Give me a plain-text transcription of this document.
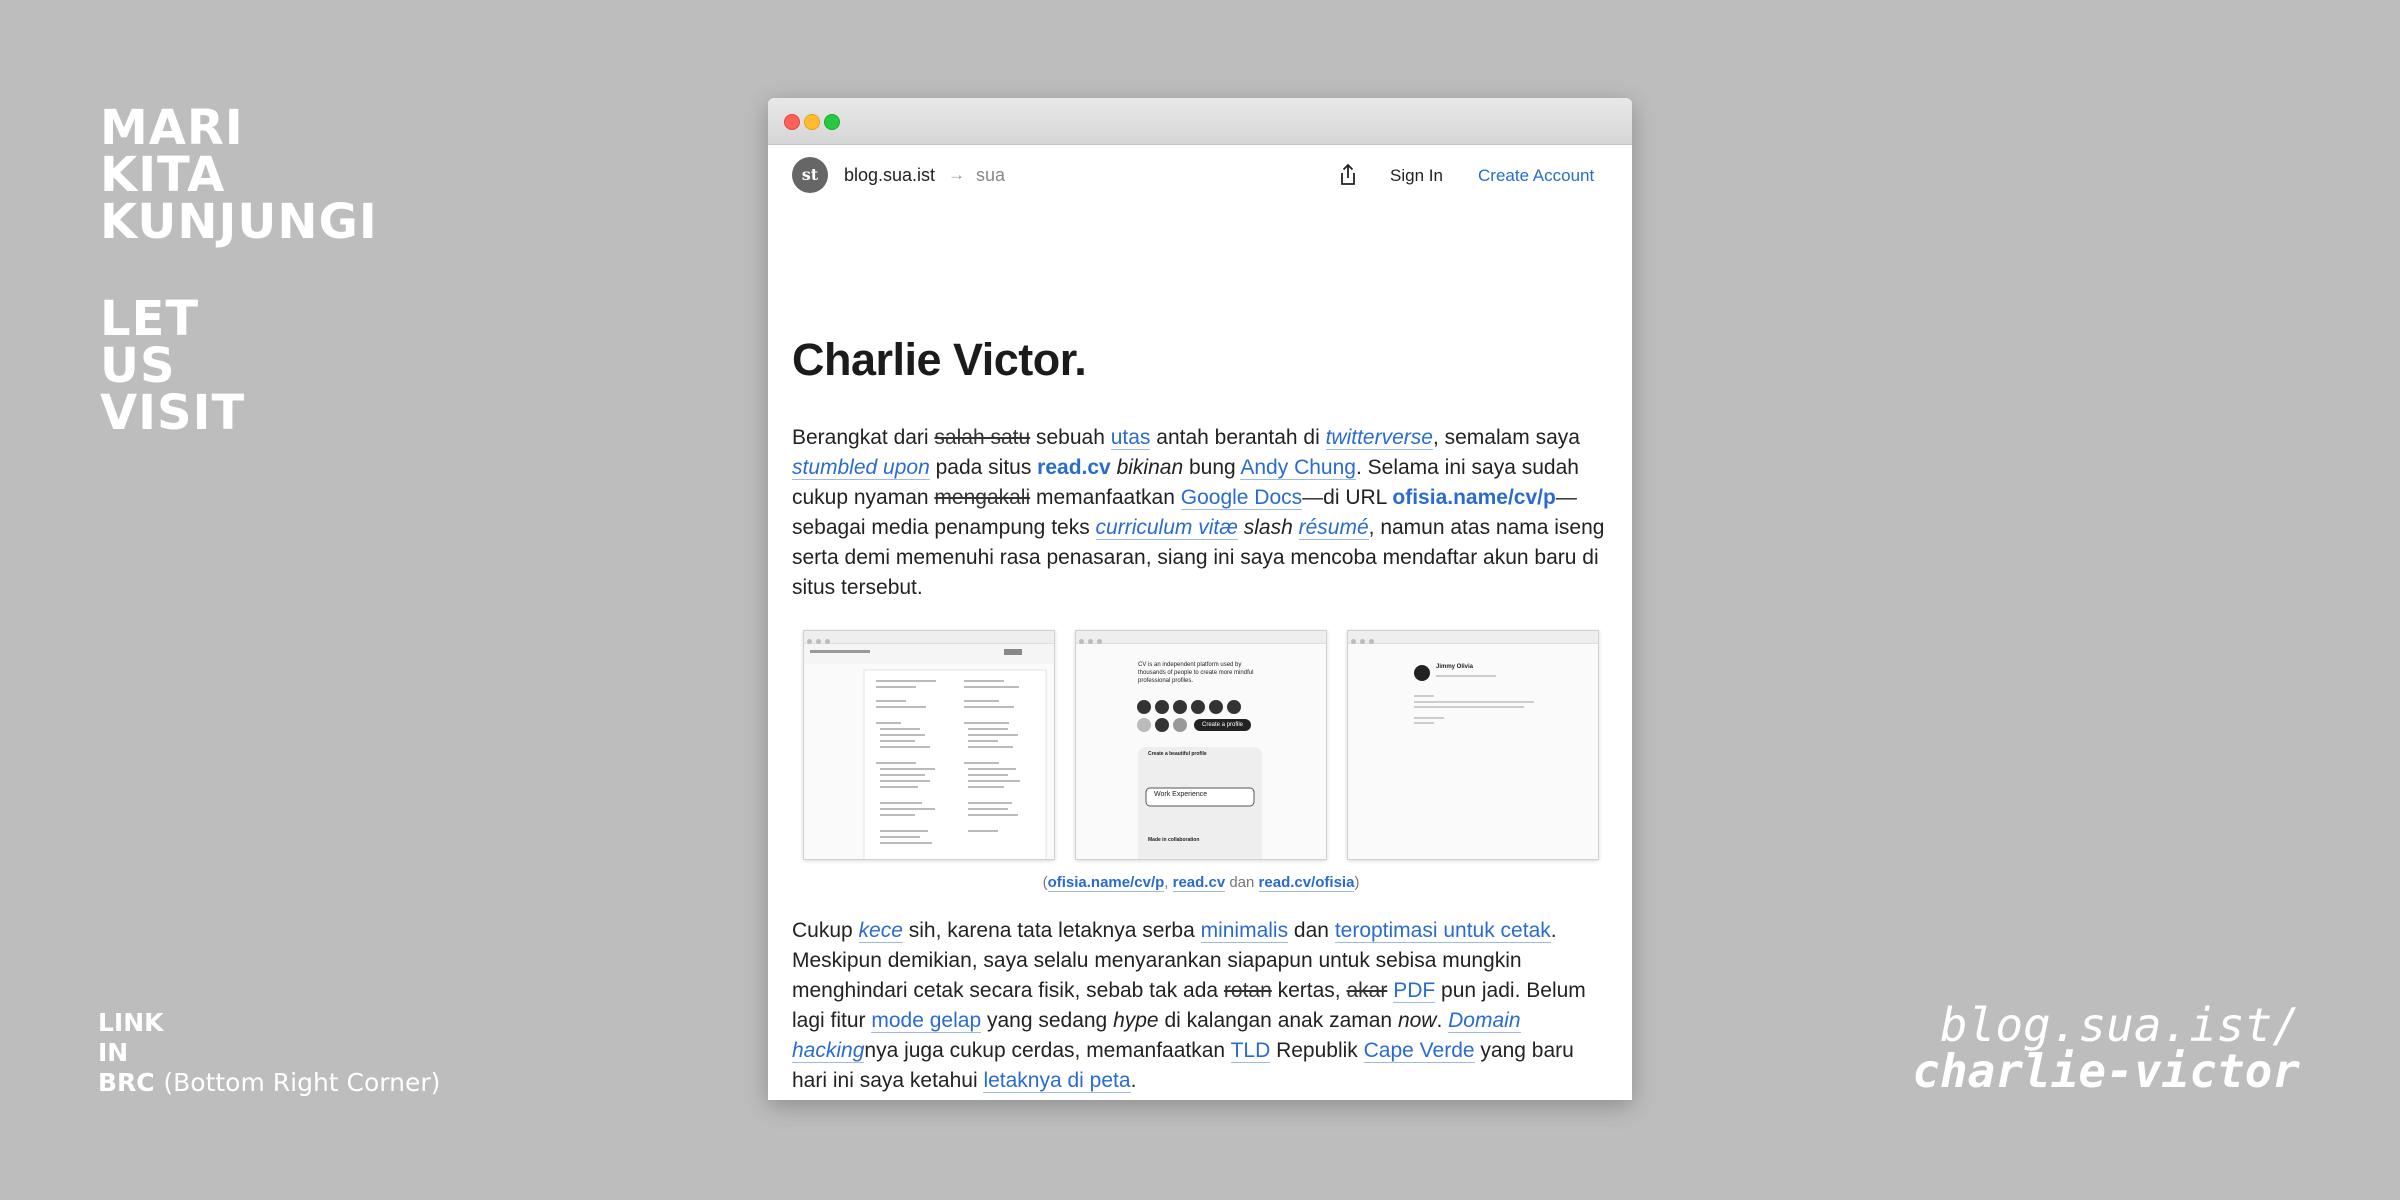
MARI
KITA
KUNJUNGI
LET
US
VISIT
LINK
IN
BRC (Bottom Right Corner)
blog.sua.ist/
charlie-victor
st	blog.sua.ist → sua	Sign In Create Account
Charlie Victor.

Berangkat dari salah satu sebuah utas antah berantah di twitterverse, semalam saya stumbled upon pada situs read.cv bikinan bung Andy Chung. Selama ini saya sudah cukup nyaman mengakali memanfaatkan Google Docs—di URL ofisia.name/cv/p—sebagai media penampung teks curriculum vitæ slash résumé, namun atas nama iseng serta demi memenuhi rasa penasaran, siang ini saya mencoba mendaftar akun baru di situs tersebut.

CV is an independent platform used by thousands of people to create more mindful professional profiles.
Create a profile
Create a beautiful profile
Work Experience
Made in collaboration
Jimmy Olivia
(ofisia.name/cv/p, read.cv dan read.cv/ofisia)

Cukup kece sih, karena tata letaknya serba minimalis dan teroptimasi untuk cetak. Meskipun demikian, saya selalu menyarankan siapapun untuk sebisa mungkin menghindari cetak secara fisik, sebab tak ada rotan kertas, akar PDF pun jadi. Belum lagi fitur mode gelap yang sedang hype di kalangan anak zaman now. Domain hackingnya juga cukup cerdas, memanfaatkan TLD Republik Cape Verde yang baru hari ini saya ketahui letaknya di peta.
